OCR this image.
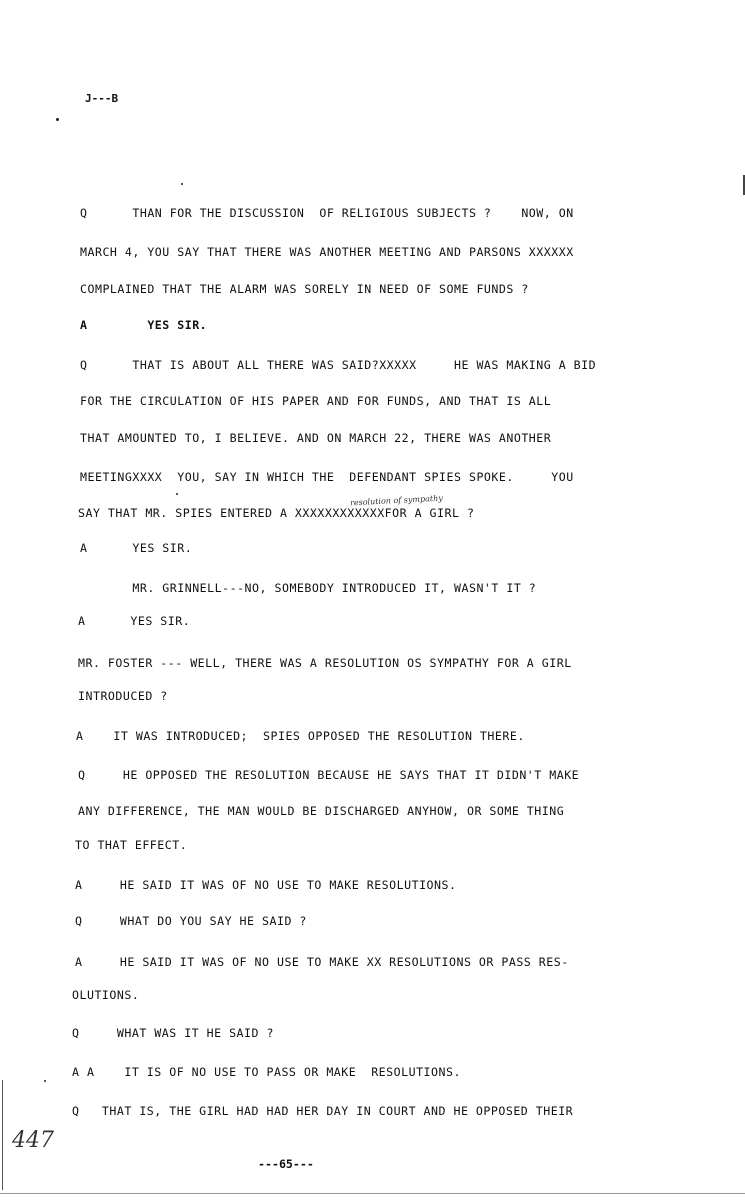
J---B
Q      THAN FOR THE DISCUSSION  OF RELIGIOUS SUBJECTS ?    NOW, ON
MARCH 4, YOU SAY THAT THERE WAS ANOTHER MEETING AND PARSONS XXXXXX
COMPLAINED THAT THE ALARM WAS SORELY IN NEED OF SOME FUNDS ?
A        YES SIR.
Q      THAT IS ABOUT ALL THERE WAS SAID?XXXXX     HE WAS MAKING A BID
FOR THE CIRCULATION OF HIS PAPER AND FOR FUNDS, AND THAT IS ALL
THAT AMOUNTED TO, I BELIEVE. AND ON MARCH 22, THERE WAS ANOTHER
MEETINGXXXX  YOU, SAY IN WHICH THE  DEFENDANT SPIES SPOKE.     YOU
resolution of sympathy
SAY THAT MR. SPIES ENTERED A XXXXXXXXXXXXFOR A GIRL ?
A      YES SIR.
MR. GRINNELL---NO, SOMEBODY INTRODUCED IT, WASN'T IT ?
A      YES SIR.
MR. FOSTER --- WELL, THERE WAS A RESOLUTION OS SYMPATHY FOR A GIRL
INTRODUCED ?
A    IT WAS INTRODUCED;  SPIES OPPOSED THE RESOLUTION THERE.
Q     HE OPPOSED THE RESOLUTION BECAUSE HE SAYS THAT IT DIDN'T MAKE
ANY DIFFERENCE, THE MAN WOULD BE DISCHARGED ANYHOW, OR SOME THING
TO THAT EFFECT.
A     HE SAID IT WAS OF NO USE TO MAKE RESOLUTIONS.
Q     WHAT DO YOU SAY HE SAID ?
A     HE SAID IT WAS OF NO USE TO MAKE XX RESOLUTIONS OR PASS RES-
OLUTIONS.
Q     WHAT WAS IT HE SAID ?
A A    IT IS OF NO USE TO PASS OR MAKE  RESOLUTIONS.
Q   THAT IS, THE GIRL HAD HAD HER DAY IN COURT AND HE OPPOSED THEIR
447
---65---
